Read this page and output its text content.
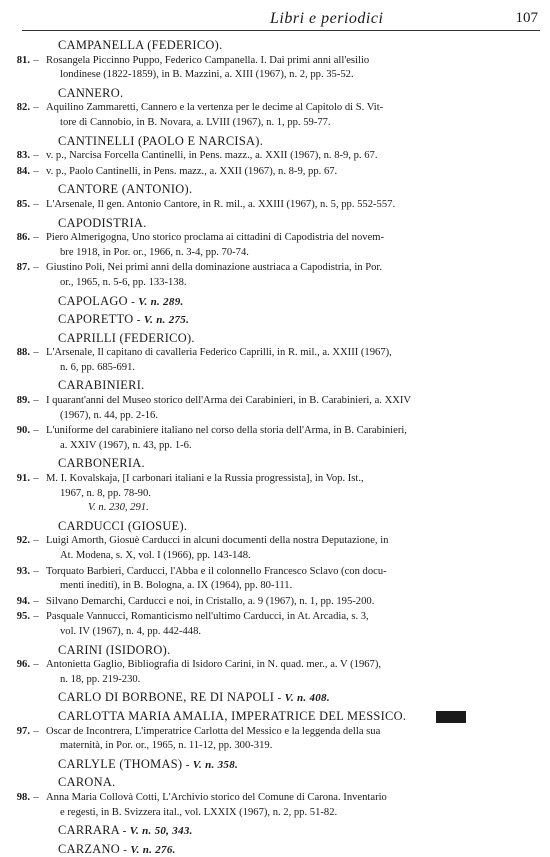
Libri e periodici	107
CAMPANELLA (FEDERICO).
81. – Rosangela Piccinno Puppo, Federico Campanella. I. Dai primi anni all'esilio
londinese (1822-1859), in B. Mazzini, a. XIII (1967), n. 2, pp. 35-52.
CANNERO.
82. – Aquilino Zammaretti, Cannero e la vertenza per le decime al Capitolo di S. Vit-
tore di Cannobio, in B. Novara, a. LVIII (1967), n. 1, pp. 59-77.
CANTINELLI (PAOLO E NARCISA).
83. – v. p., Narcisa Forcella Cantinelli, in Pens. mazz., a. XXII (1967), n. 8-9, p. 67.
84. – v. p., Paolo Cantinelli, in Pens. mazz., a. XXII (1967), n. 8-9, pp. 67.
CANTORE (ANTONIO).
85. – L'Arsenale, Il gen. Antonio Cantore, in R. mil., a. XXIII (1967), n. 5, pp. 552-557.
CAPODISTRIA.
86. – Piero Almerigogna, Uno storico proclama ai cittadini di Capodistria del novem-
bre 1918, in Por. or., 1966, n. 3-4, pp. 70-74.
87. – Giustino Poli, Nei primi anni della dominazione austriaca a Capodistria, in Por.
or., 1965, n. 5-6, pp. 133-138.
CAPOLAGO - V. n. 289.
CAPORETTO - V. n. 275.
CAPRILLI (FEDERICO).
88. – L'Arsenale, Il capitano di cavalleria Federico Caprilli, in R. mil., a. XXIII (1967),
n. 6, pp. 685-691.
CARABINIERI.
89. – I quarant'anni del Museo storico dell'Arma dei Carabinieri, in B. Carabinieri, a. XXIV
(1967), n. 44, pp. 2-16.
90. – L'uniforme del carabiniere italiano nel corso della storia dell'Arma, in B. Carabinieri,
a. XXIV (1967), n. 43, pp. 1-6.
CARBONERIA.
91. – M. I. Kovalskaja, [I carbonari italiani e la Russia progressista], in Vop. Ist.,
1967, n. 8, pp. 78-90.
V. n. 230, 291.
CARDUCCI (GIOSUE).
92. – Luigi Amorth, Giosuè Carducci in alcuni documenti della nostra Deputazione, in
At. Modena, s. X, vol. I (1966), pp. 143-148.
93. – Torquato Barbieri, Carducci, l'Abba e il colonnello Francesco Sclavo (con docu-
menti inediti), in B. Bologna, a. IX (1964), pp. 80-111.
94. – Silvano Demarchi, Carducci e noi, in Cristallo, a. 9 (1967), n. 1, pp. 195-200.
95. – Pasquale Vannucci, Romanticismo nell'ultimo Carducci, in At. Arcadia, s. 3,
vol. IV (1967), n. 4, pp. 442-448.
CARINI (ISIDORO).
96. – Antonietta Gaglio, Bibliografia di Isidoro Carini, in N. quad. mer., a. V (1967),
n. 18, pp. 219-230.
CARLO DI BORBONE, RE DI NAPOLI - V. n. 408.
CARLOTTA MARIA AMALIA, IMPERATRICE DEL MESSICO.
97. – Oscar de Incontrera, L'imperatrice Carlotta del Messico e la leggenda della sua
maternità, in Por. or., 1965, n. 11-12, pp. 300-319.
CARLYLE (THOMAS) - V. n. 358.
CARONA.
98. – Anna Maria Collovà Cotti, L'Archivio storico del Comune di Carona. Inventario
e regesti, in B. Svizzera ital., vol. LXXIX (1967), n. 2, pp. 51-82.
CARRARA - V. n. 50, 343.
CARZANO - V. n. 276.
